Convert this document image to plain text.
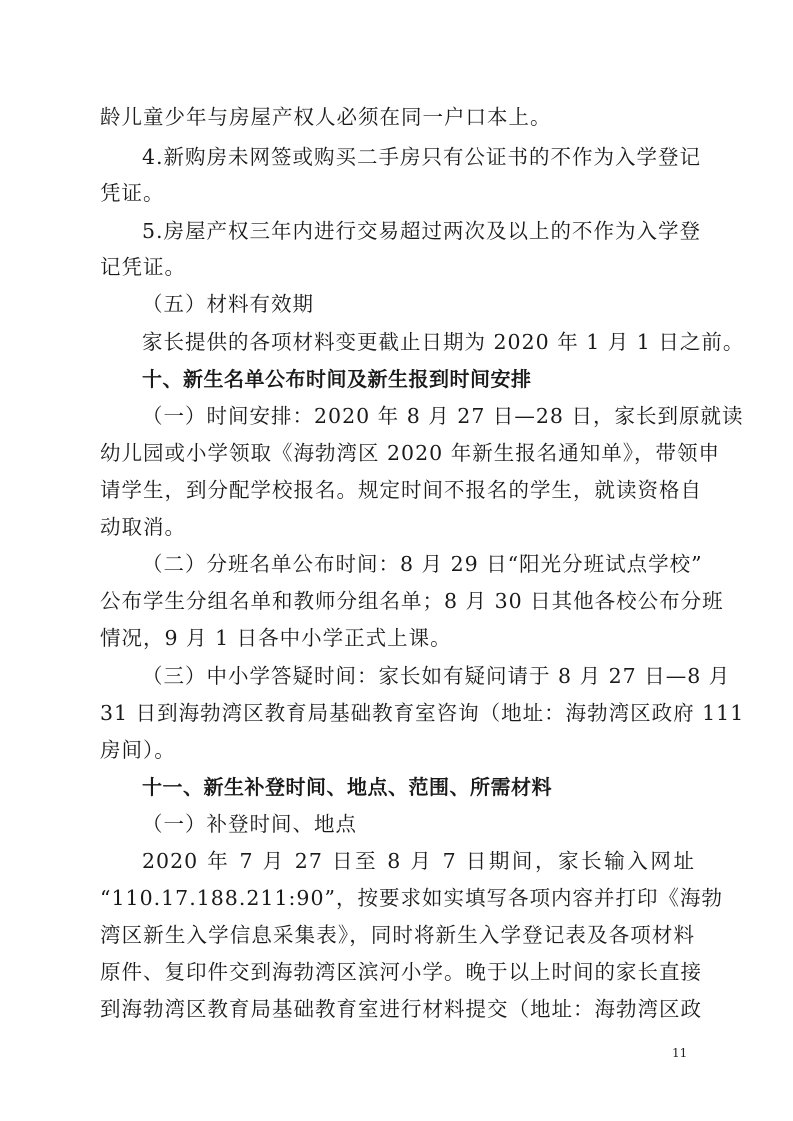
龄儿童少年与房屋产权人必须在同一户口本上。
4.新购房未网签或购买二手房只有公证书的不作为入学登记
凭证。
5.房屋产权三年内进行交易超过两次及以上的不作为入学登
记凭证。
（五）材料有效期
家长提供的各项材料变更截止日期为 2020 年 1 月 1 日之前。
十、新生名单公布时间及新生报到时间安排
（一）时间安排：2020 年 8 月 27 日—28 日，家长到原就读
幼儿园或小学领取《海勃湾区 2020 年新生报名通知单》，带领申
请学生，到分配学校报名。规定时间不报名的学生，就读资格自
动取消。
（二）分班名单公布时间：8 月 29 日“阳光分班试点学校”
公布学生分组名单和教师分组名单；8 月 30 日其他各校公布分班
情况，9 月 1 日各中小学正式上课。
（三）中小学答疑时间：家长如有疑问请于 8 月 27 日—8 月
31 日到海勃湾区教育局基础教育室咨询（地址：海勃湾区政府 111
房间）。
十一、新生补登时间、地点、范围、所需材料
（一）补登时间、地点
2020 年 7 月 27 日至 8 月 7 日期间，家长输入网址
“110.17.188.211:90”，按要求如实填写各项内容并打印《海勃
湾区新生入学信息采集表》，同时将新生入学登记表及各项材料
原件、复印件交到海勃湾区滨河小学。晚于以上时间的家长直接
到海勃湾区教育局基础教育室进行材料提交（地址：海勃湾区政
11
